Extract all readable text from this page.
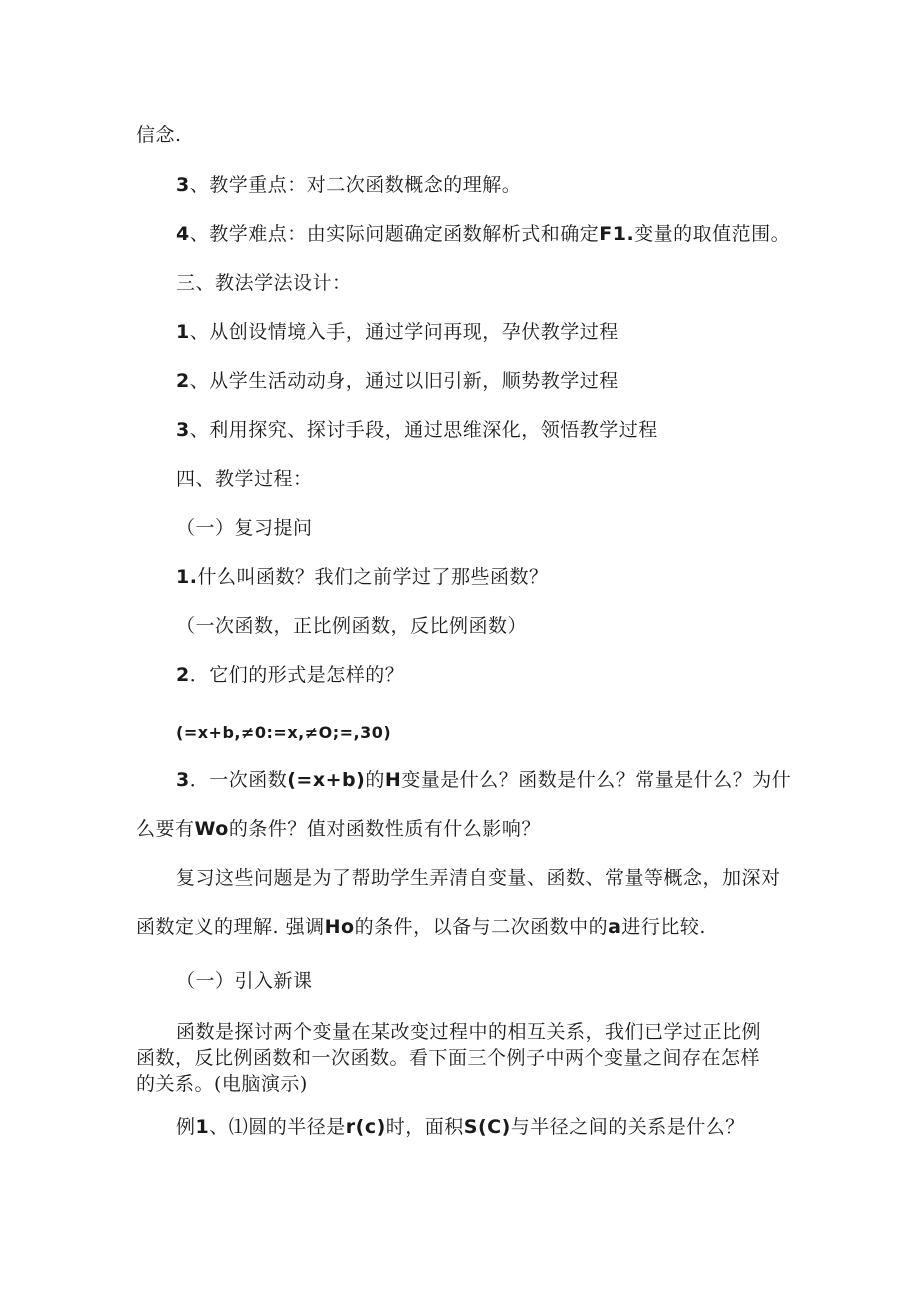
信念.
3、教学重点：对二次函数概念的理解。
4、教学难点：由实际问题确定函数解析式和确定F1.变量的取值范围。
三、教法学法设计：
1、从创设情境入手，通过学问再现，孕伏教学过程
2、从学生活动动身，通过以旧引新，顺势教学过程
3、利用探究、探讨手段，通过思维深化，领悟教学过程
四、教学过程：
（一）复习提问
1.什么叫函数？我们之前学过了那些函数？
（一次函数，正比例函数，反比例函数）
2．它们的形式是怎样的？
(=x+b,≠0:=x,≠O;=,30)
3．一次函数(=x+b)的H变量是什么？函数是什么？常量是什么？为什
么要有Wo的条件？值对函数性质有什么影响？
复习这些问题是为了帮助学生弄清自变量、函数、常量等概念，加深对
函数定义的理解. 强调Ho的条件，以备与二次函数中的a进行比较.
（一）引入新课
函数是探讨两个变量在某改变过程中的相互关系，我们已学过正比例
函数，反比例函数和一次函数。看下面三个例子中两个变量之间存在怎样
的关系。(电脑演示)
例1、⑴圆的半径是r(c)时，面积S(C)与半径之间的关系是什么？
